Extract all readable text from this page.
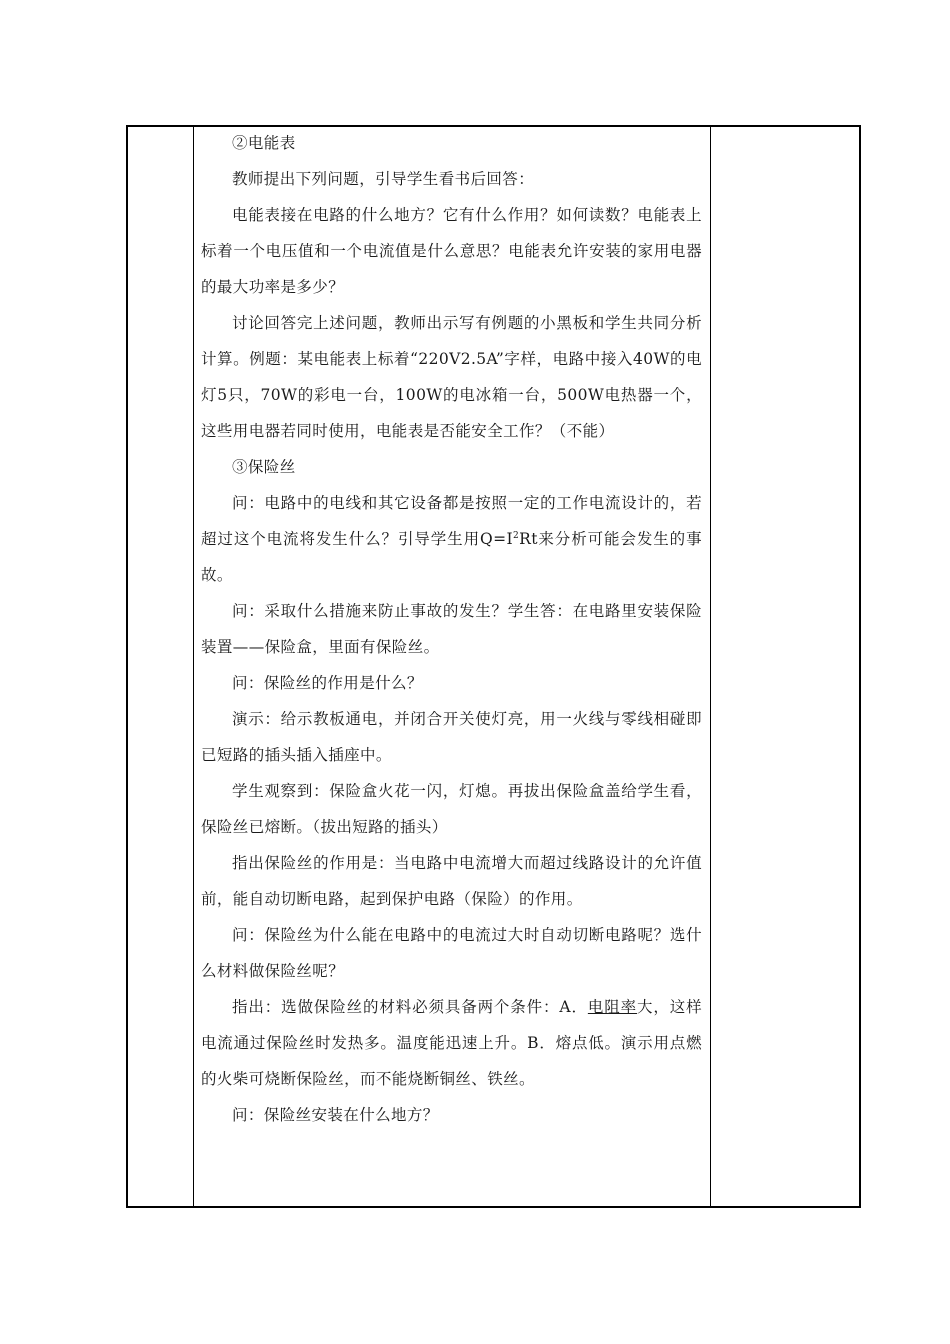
②电能表

教师提出下列问题，引导学生看书后回答：

电能表接在电路的什么地方？它有什么作用？如何读数？电能表上标着一个电压值和一个电流值是什么意思？电能表允许安装的家用电器的最大功率是多少？

讨论回答完上述问题，教师出示写有例题的小黑板和学生共同分析计算。例题：某电能表上标着“220V2.5A”字样，电路中接入40W的电灯5只，70W的彩电一台，100W的电冰箱一台，500W电热器一个，这些用电器若同时使用，电能表是否能安全工作？（不能）

③保险丝

问：电路中的电线和其它设备都是按照一定的工作电流设计的，若超过这个电流将发生什么？引导学生用$Q=I^2Rt$来分析可能会发生的事故。

问：采取什么措施来防止事故的发生？学生答：在电路里安装保险装置——保险盒，里面有保险丝。

问：保险丝的作用是什么？

演示：给示教板通电，并闭合开关使灯亮，用一火线与零线相碰即已短路的插头插入插座中。

学生观察到：保险盒火花一闪，灯熄。再拔出保险盒盖给学生看，保险丝已熔断。（拔出短路的插头）

指出保险丝的作用是：当电路中电流增大而超过线路设计的允许值前，能自动切断电路，起到保护电路（保险）的作用。

问：保险丝为什么能在电路中的电流过大时自动切断电路呢？选什么材料做保险丝呢？

指出：选做保险丝的材料必须具备两个条件：A．电阻率大，这样电流通过保险丝时发热多。温度能迅速上升。B．熔点低。演示用点燃的火柴可烧断保险丝，而不能烧断铜丝、铁丝。

问：保险丝安装在什么地方？
